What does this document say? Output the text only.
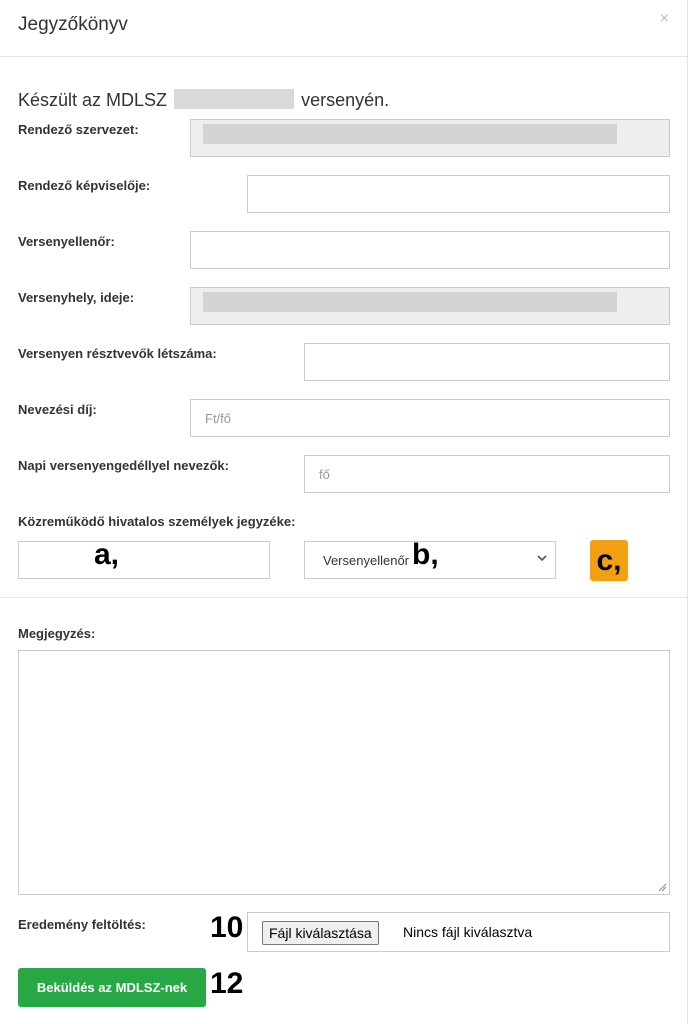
Jegyzőkönyv	×
Készült az MDLSZ	versenyén.
Rendező szervezet:
Rendező képviselője:
Versenyellenőr:
Versenyhely, ideje:
Versenyen résztvevők létszáma:
Nevezési díj:
Ft/fő
Napi versenyengedéllyel nevezők:
fő
Közreműködő hivatalos személyek jegyzéke:
a,	Versenyellenőr b,	c,
Megjegyzés:
Eredemény feltöltés: 10	Fájl kiválasztása	Nincs fájl kiválasztva
Beküldés az MDLSZ-nek 12
